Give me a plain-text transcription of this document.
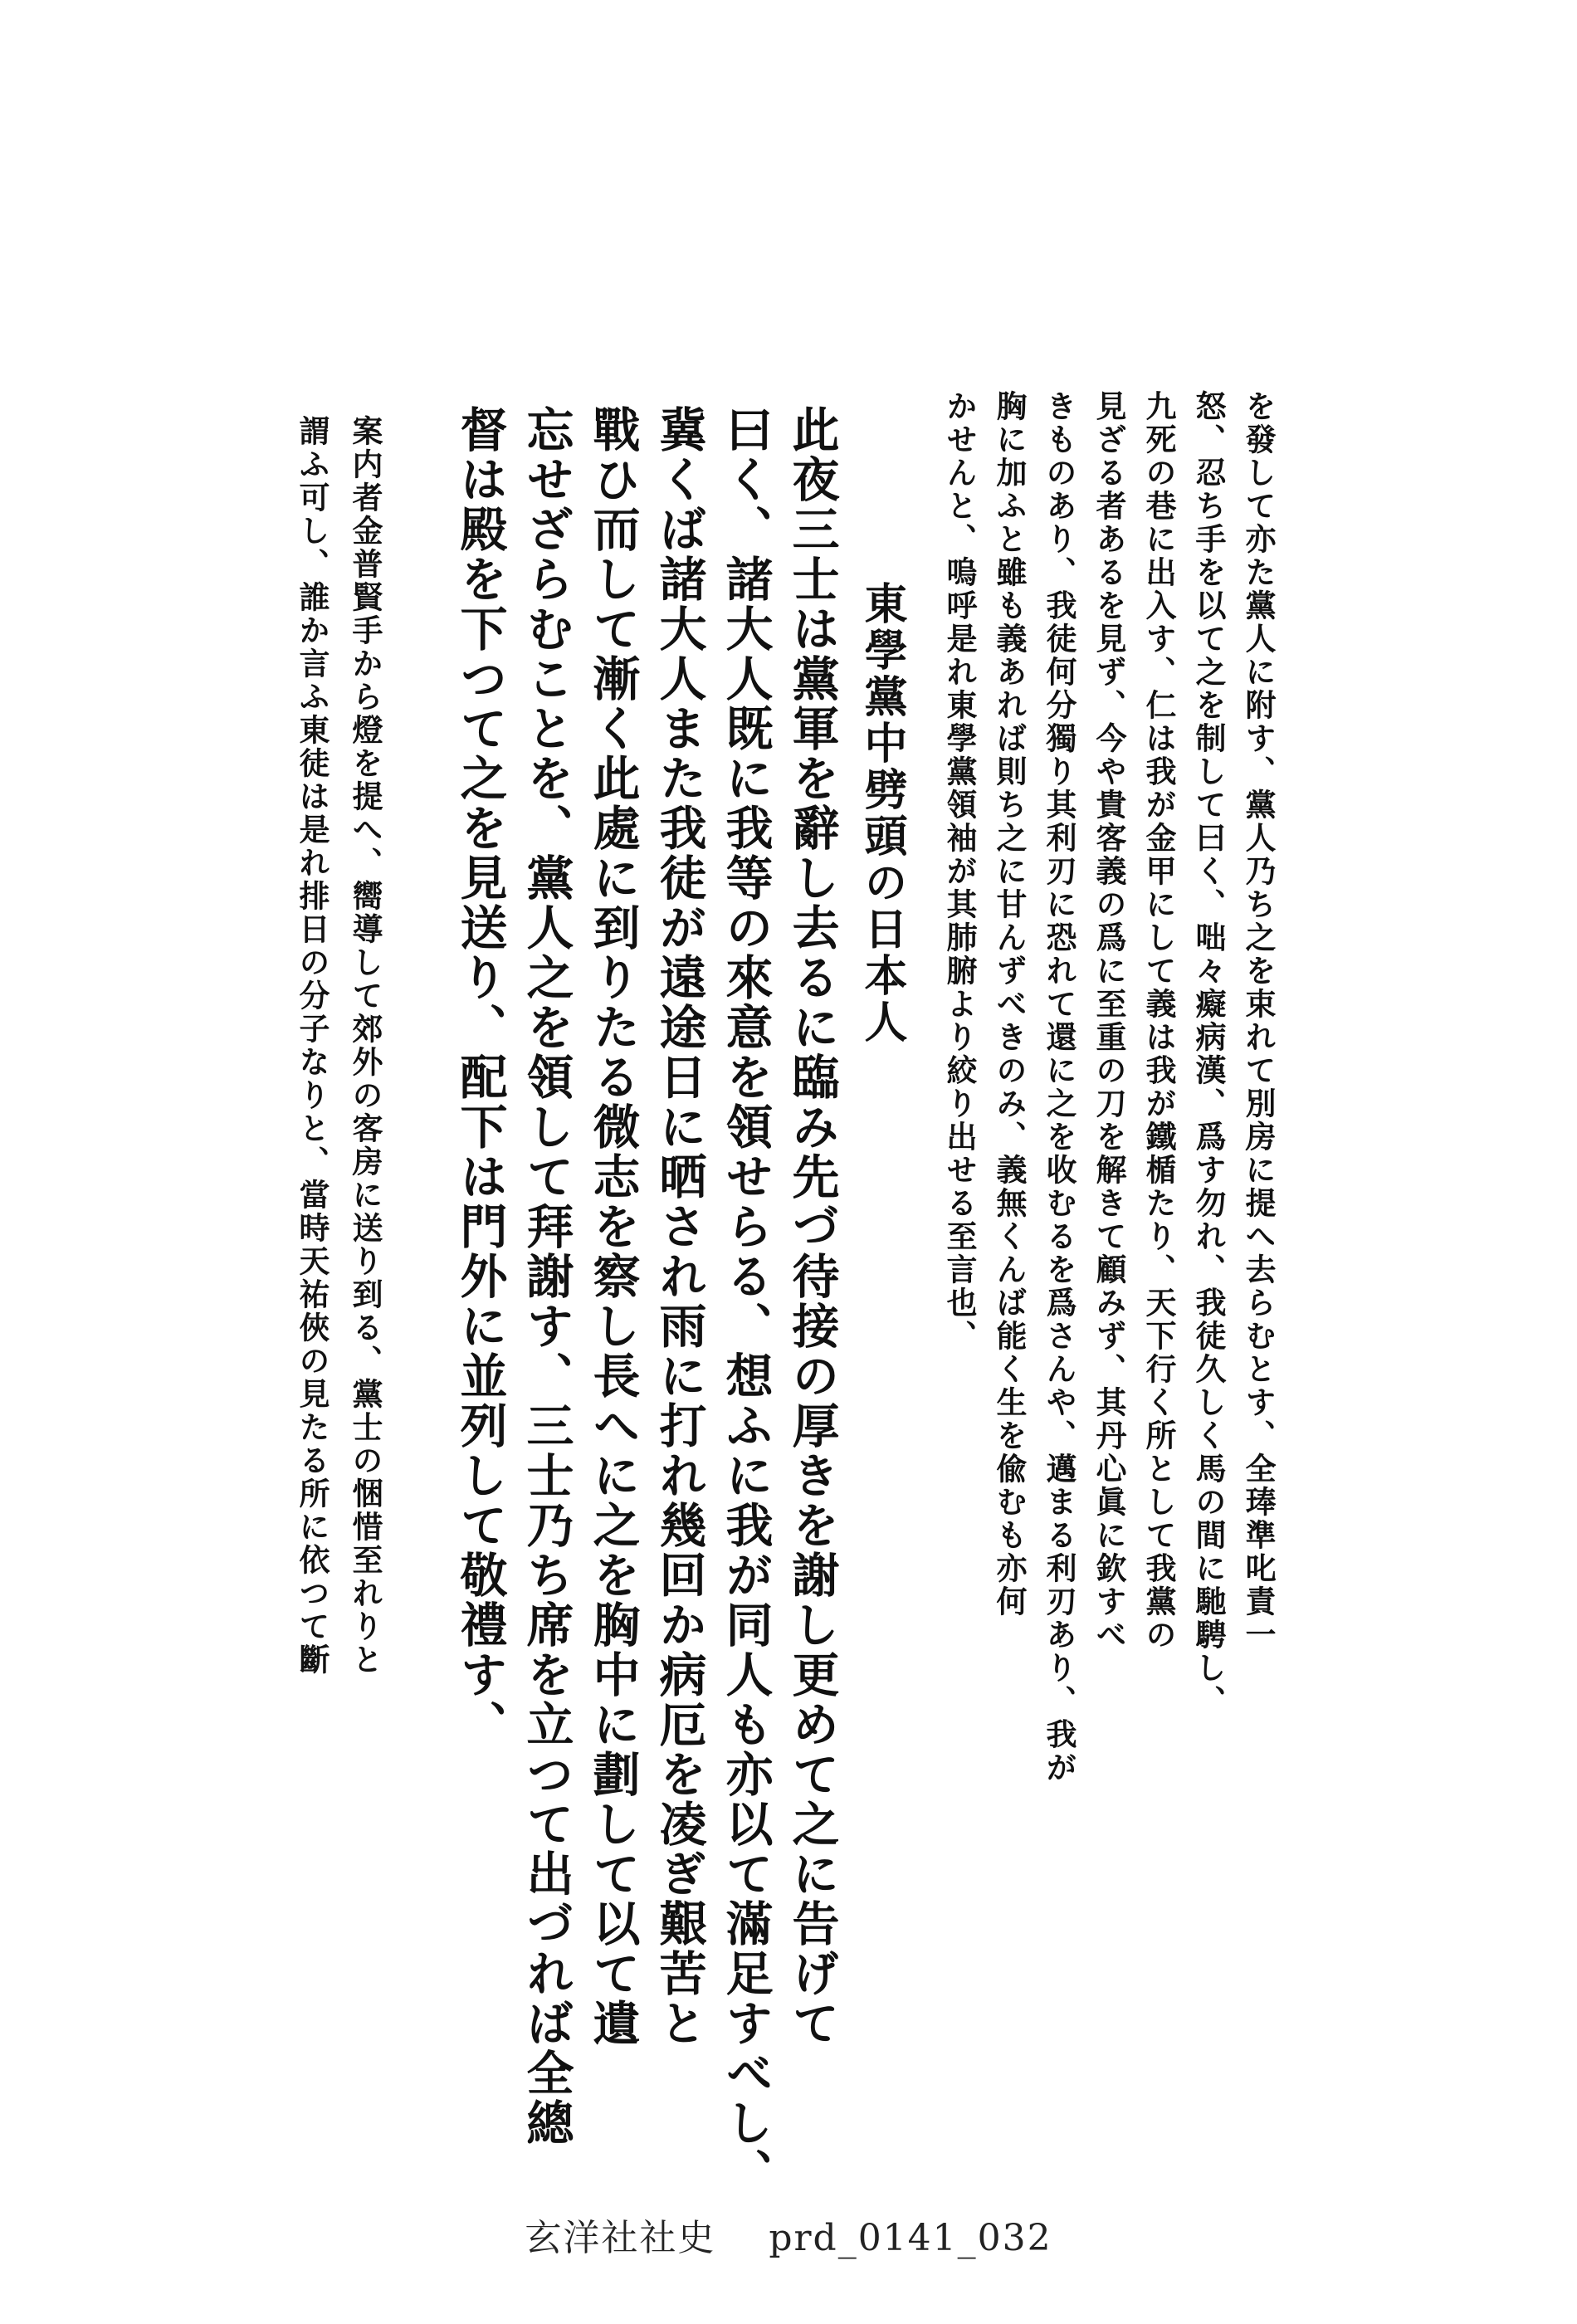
を發して亦た黨人に附す、黨人乃ち之を束れて別房に提へ去らむとす、全琫準叱責一
怒、忍ち手を以て之を制して曰く、咄々癡病漢、爲す勿れ、我徒久しく馬の間に馳騁し、
九死の巷に出入す、仁は我が金甲にして義は我が鐵楯たり、天下行く所として我黨の
見ざる者あるを見ず、今や貴客義の爲に至重の刀を解きて顧みず、其丹心眞に欽すべ
きものあり、我徒何分獨り其利刃に恐れて還に之を收むるを爲さんや、邁まる利刃あり、我が
胸に加ふと雖も義あれば則ち之に甘んずべきのみ、義無くんば能く生を偸むも亦何
かせんと、嗚呼是れ東學黨領袖が其肺腑より絞り出せる至言也、
東學黨中劈頭の日本人
此夜三士は黨軍を辭し去るに臨み先づ待接の厚きを謝し更めて之に告げて
曰く、諸大人既に我等の來意を領せらる、想ふに我が同人も亦以て滿足すべし、
冀くば諸大人また我徒が遠途日に晒され雨に打れ幾回か病厄を凌ぎ艱苦と
戰ひ而して漸く此處に到りたる微志を察し長へに之を胸中に劃して以て遺
忘せざらむことを、黨人之を領して拜謝す、三士乃ち席を立つて出づれば全總
督は殿を下つて之を見送り、配下は門外に並列して敬禮す、
案内者金普賢手から燈を提へ、嚮導して郊外の客房に送り到る、黨士の悃惜至れりと
謂ふ可し、誰か言ふ東徒は是れ排日の分子なりと、當時天祐俠の見たる所に依つて斷
玄洋社社史 prd_0141_032
